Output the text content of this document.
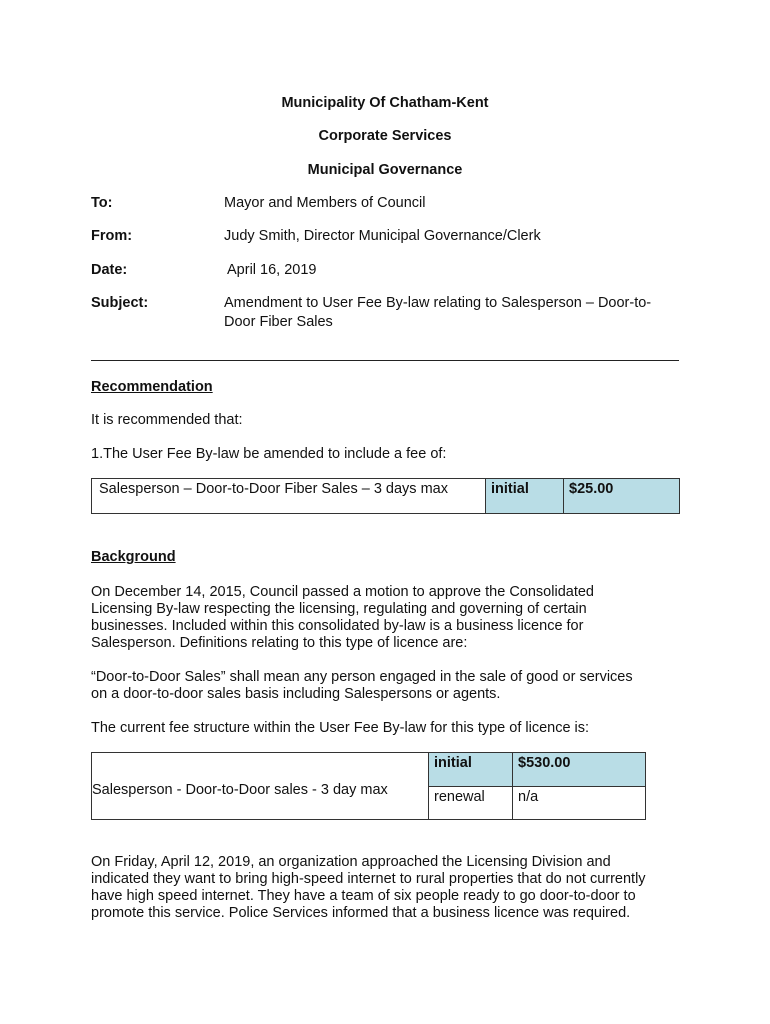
Municipality Of Chatham-Kent
Corporate Services
Municipal Governance
To:	Mayor and Members of Council
From:	Judy Smith, Director Municipal Governance/Clerk
Date:	April 16, 2019
Subject:	Amendment to User Fee By-law relating to Salesperson – Door-to-
Door Fiber Sales
Recommendation
It is recommended that:
1.The User Fee By-law be amended to include a fee of:
Salesperson – Door-to-Door Fiber Sales – 3 days max	initial	$25.00
Background
On December 14, 2015, Council passed a motion to approve the Consolidated
Licensing By-law respecting the licensing, regulating and governing of certain
businesses. Included within this consolidated by-law is a business licence for
Salesperson. Definitions relating to this type of licence are:
“Door-to-Door Sales” shall mean any person engaged in the sale of good or services
on a door-to-door sales basis including Salespersons or agents.
The current fee structure within the User Fee By-law for this type of licence is:
Salesperson - Door-to-Door sales - 3 day max	initial	$530.00
	renewal	n/a
On Friday, April 12, 2019, an organization approached the Licensing Division and
indicated they want to bring high-speed internet to rural properties that do not currently
have high speed internet. They have a team of six people ready to go door-to-door to
promote this service. Police Services informed that a business licence was required.
